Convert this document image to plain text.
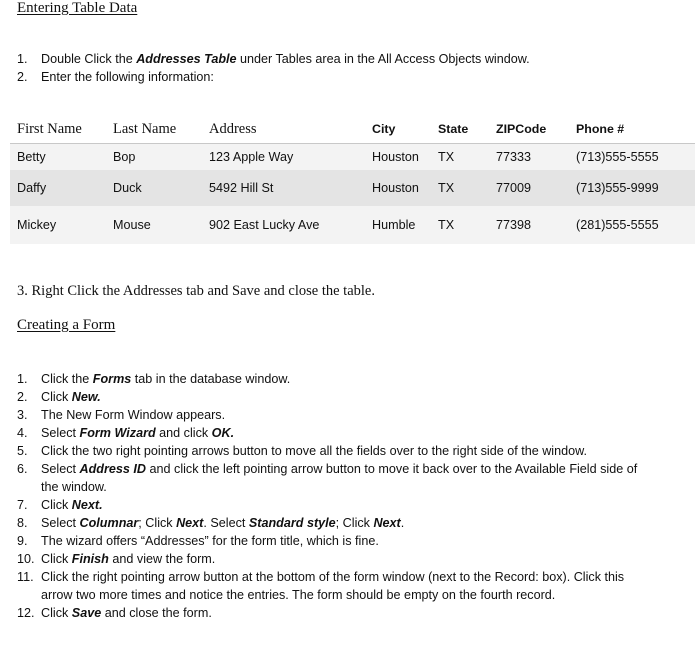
Entering Table Data
1.	Double Click the Addresses Table under Tables area in the All Access Objects window.
2.	Enter the following information:
First Name	Last Name	Address	City	State	ZIPCode	Phone #
Betty	Bop	123 Apple Way	Houston	TX	77333	(713)555-5555
Daffy	Duck	5492 Hill St	Houston	TX	77009	(713)555-9999
Mickey	Mouse	902 East Lucky Ave	Humble	TX	77398	(281)555-5555
3. Right Click the Addresses tab and Save and close the table.
Creating a Form
1.	Click the Forms tab in the database window.
2.	Click New.
3.	The New Form Window appears.
4.	Select Form Wizard and click OK.
5.	Click the two right pointing arrows button to move all the fields over to the right side of the window.
6.	Select Address ID and click the left pointing arrow button to move it back over to the Available Field side of the window.
7.	Click Next.
8.	Select Columnar; Click Next. Select Standard style; Click Next.
9.	The wizard offers “Addresses” for the form title, which is fine.
10. Click Finish and view the form.
11. Click the right pointing arrow button at the bottom of the form window (next to the Record: box). Click this arrow two more times and notice the entries. The form should be empty on the fourth record.
12. Click Save and close the form.
